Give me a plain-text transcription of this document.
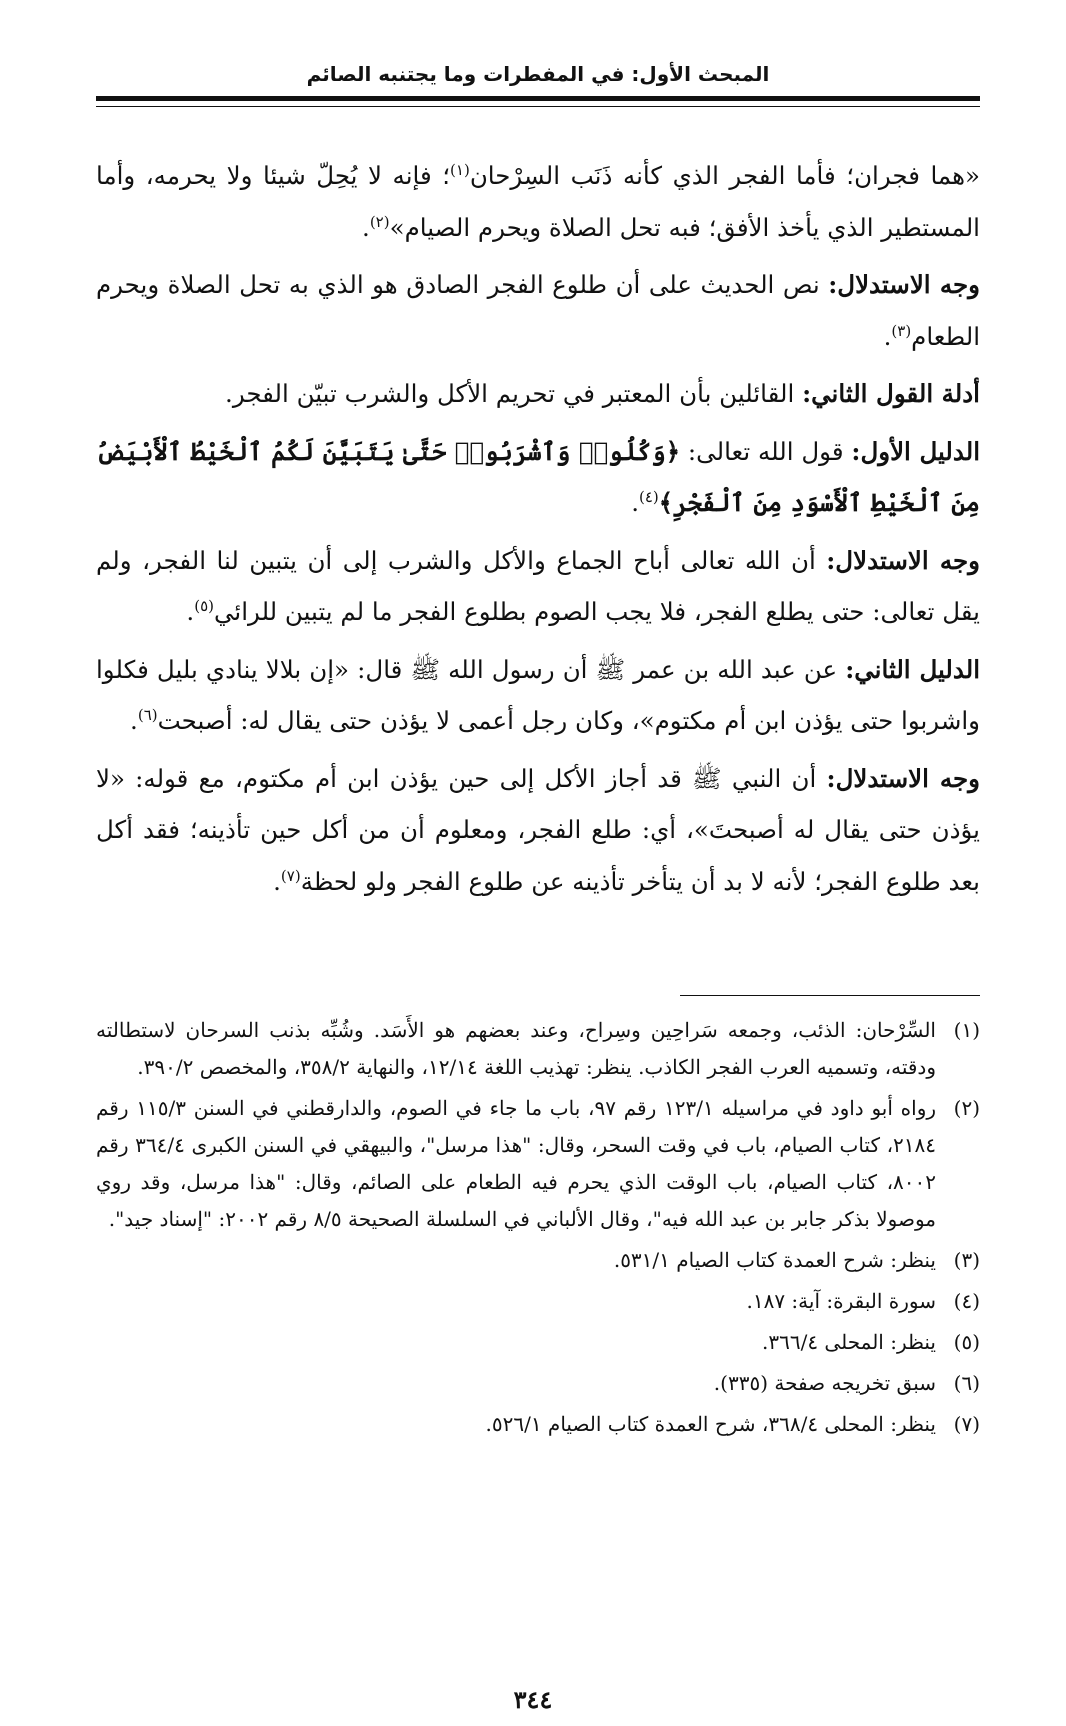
المبحث الأول: في المفطرات وما يجتنبه الصائم

«هما فجران؛ فأما الفجر الذي كأنه ذَنَب السِرْحان$^{(١)}$؛ فإنه لا يُحِلّ شيئا ولا يحرمه، وأما المستطير الذي يأخذ الأفق؛ فبه تحل الصلاة ويحرم الصيام»$^{(٢)}$.

وجه الاستدلال: نص الحديث على أن طلوع الفجر الصادق هو الذي به تحل الصلاة ويحرم الطعام$^{(٣)}$.

أدلة القول الثاني: القائلين بأن المعتبر في تحريم الأكل والشرب تبيّن الفجر.

الدليل الأول: قول الله تعالى: ﴿وَكُلُوا۟ وَٱشْرَبُوا۟ حَتَّىٰ يَتَبَيَّنَ لَكُمُ ٱلْخَيْطُ ٱلْأَبْيَضُ مِنَ ٱلْخَيْطِ ٱلْأَسْوَدِ مِنَ ٱلْفَجْرِ﴾$^{(٤)}$.

وجه الاستدلال: أن الله تعالى أباح الجماع والأكل والشرب إلى أن يتبين لنا الفجر، ولم يقل تعالى: حتى يطلع الفجر، فلا يجب الصوم بطلوع الفجر ما لم يتبين للرائي$^{(٥)}$.

الدليل الثاني: عن عبد الله بن عمر ﷺ أن رسول الله ﷺ قال: «إن بلالا ينادي بليل فكلوا واشربوا حتى يؤذن ابن أم مكتوم»، وكان رجل أعمى لا يؤذن حتى يقال له: أصبحت$^{(٦)}$.

وجه الاستدلال: أن النبي ﷺ قد أجاز الأكل إلى حين يؤذن ابن أم مكتوم، مع قوله: «لا يؤذن حتى يقال له أصبحتَ»، أي: طلع الفجر، ومعلوم أن من أكل حين تأذينه؛ فقد أكل بعد طلوع الفجر؛ لأنه لا بد أن يتأخر تأذينه عن طلوع الفجر ولو لحظة$^{(٧)}$.

(١)
السِّرْحان: الذئب، وجمعه سَراحِين وسِراح، وعند بعضهم هو الأَسَد. وشُبِّه بذنب السرحان لاستطالته ودقته، وتسميه العرب الفجر الكاذب. ينظر: تهذيب اللغة ١٢/١٤، والنهاية ٣٥٨/٢، والمخصص ٣٩٠/٢.
(٢)
رواه أبو داود في مراسيله ١٢٣/١ رقم ٩٧، باب ما جاء في الصوم، والدارقطني في السنن ١١٥/٣ رقم ٢١٨٤، كتاب الصيام، باب في وقت السحر، وقال: "هذا مرسل"، والبيهقي في السنن الكبرى ٣٦٤/٤ رقم ٨٠٠٢، كتاب الصيام، باب الوقت الذي يحرم فيه الطعام على الصائم، وقال: "هذا مرسل، وقد روي موصولا بذكر جابر بن عبد الله فيه"، وقال الألباني في السلسلة الصحيحة ٨/٥ رقم ٢٠٠٢: "إسناد جيد".
(٣)
ينظر: شرح العمدة كتاب الصيام ٥٣١/١.
(٤)
سورة البقرة: آية: ١٨٧.
(٥)
ينظر: المحلى ٣٦٦/٤.
(٦)
سبق تخريجه صفحة (٣٣٥).
(٧)
ينظر: المحلى ٣٦٨/٤، شرح العمدة كتاب الصيام ٥٢٦/١.
٣٤٤
